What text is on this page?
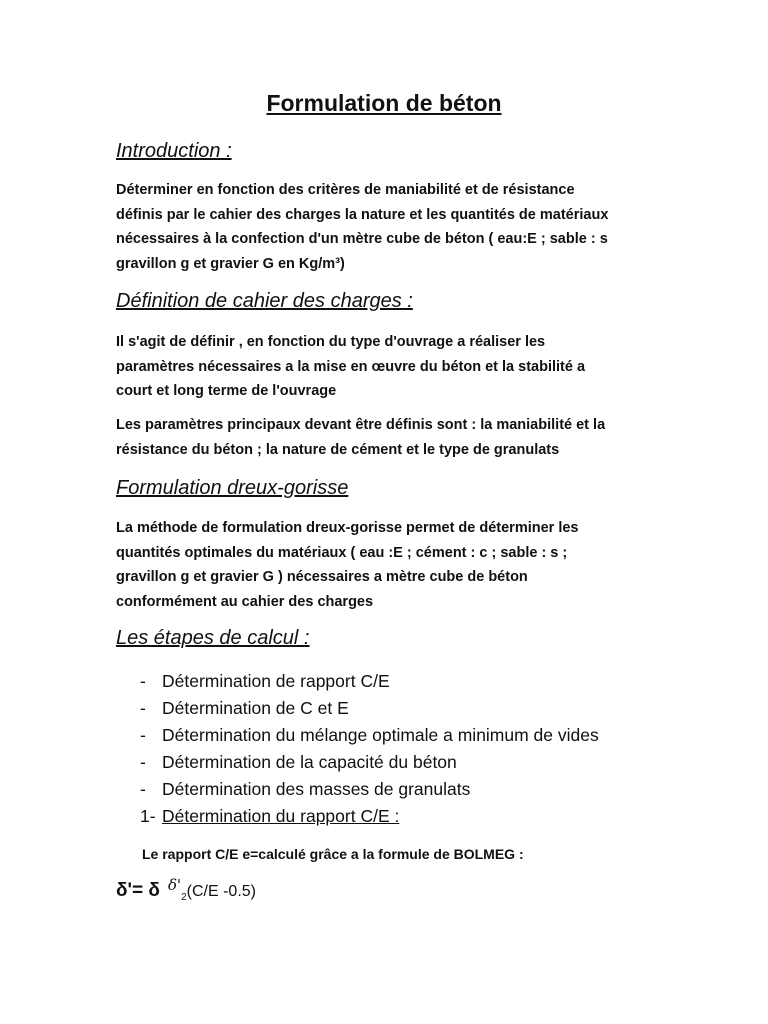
Formulation de béton
Introduction :

Déterminer en fonction des critères de maniabilité et de résistance

définis par le cahier des charges la nature et les quantités de matériaux

nécessaires à la confection d'un mètre cube de béton ( eau:E ; sable : s

gravillon g et gravier G en Kg/m³)

Définition de cahier des charges :

Il s'agit de définir , en fonction du type d'ouvrage a réaliser les

paramètres nécessaires a la mise en œuvre du béton et la stabilité a

court et long terme de l'ouvrage

Les paramètres principaux devant être définis sont : la maniabilité et la

résistance du béton ; la nature de cément et le type de granulats

Formulation dreux-gorisse

La méthode de formulation dreux-gorisse permet de déterminer les

quantités optimales du matériaux ( eau :E ; cément : c ; sable : s ;

gravillon g et gravier G ) nécessaires a mètre cube de béton

conformément au cahier des charges

Les étapes de calcul :
- Détermination de rapport C/E
- Détermination de C et E
- Détermination du mélange optimale a minimum de vides
- Détermination de la capacité du béton
- Détermination des masses de granulats
1- Détermination du rapport C/E :
Le rapport C/E e=calculé grâce a la formule de BOLMEG :
δ'= δ $\delta'_2(C/E$ -0.5)
